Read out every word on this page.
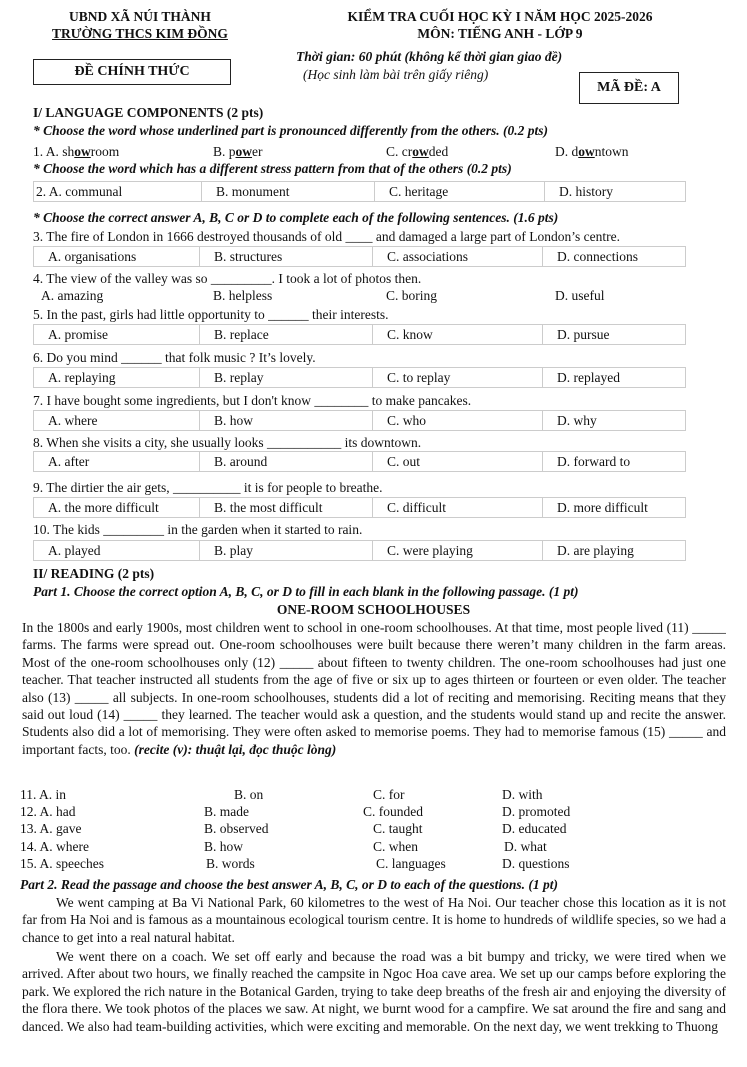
UBND XÃ NÚI THÀNH
TRƯỜNG THCS KIM ĐỒNG
KIỂM TRA CUỐI HỌC KỲ I NĂM HỌC 2025-2026
MÔN: TIẾNG ANH - LỚP 9
ĐỀ CHÍNH THỨC
Thời gian: 60 phút (không kể thời gian giao đề)
(Học sinh làm bài trên giấy riêng)
MÃ ĐỀ: A
I/ LANGUAGE COMPONENTS (2 pts)
* Choose the word whose underlined part is pronounced differently from the others. (0.2 pts)
1. A. showroom	B. power	C. crowded	D. downtown
* Choose the word which has a different stress pattern from that of the others (0.2 pts)
2. A. communal	B. monument	C. heritage	D. history
* Choose the correct answer A, B, C or D to complete each of the following sentences. (1.6 pts)
3. The fire of London in 1666 destroyed thousands of old ____ and damaged a large part of London’s centre.
A. organisations	B. structures	C. associations	D. connections
4. The view of the valley was so _________. I took a lot of photos then.
A. amazing	B. helpless	C. boring	D. useful
5. In the past, girls had little opportunity to ______ their interests.
A. promise	B. replace	C. know	D. pursue
6. Do you mind ______ that folk music ? It’s lovely.
A. replaying	B. replay	C. to replay	D. replayed
7. I have bought some ingredients, but I don't know ________ to make pancakes.
A. where	B. how	C. who	D. why
8. When she visits a city, she usually looks ___________ its downtown.
A. after	B. around	C. out	D. forward to
9. The dirtier the air gets, __________ it is for people to breathe.
A. the more difficult	B. the most difficult	C. difficult	D. more difficult
10. The kids _________ in the garden when it started to rain.
A. played	B. play	C. were playing	D. are playing
II/ READING (2 pts)
Part 1. Choose the correct option A, B, C, or D to fill in each blank in the following passage. (1 pt)
ONE-ROOM SCHOOLHOUSES
In the 1800s and early 1900s, most children went to school in one-room schoolhouses. At that time, most people lived (11) _____ farms. The farms were spread out. One-room schoolhouses were built because there weren’t many children in the farm areas. Most of the one-room schoolhouses only (12) _____ about fifteen to twenty children. The one-room schoolhouses had just one teacher. That teacher instructed all students from the age of five or six up to ages thirteen or fourteen or even older. The teacher also (13) _____ all subjects. In one-room schoolhouses, students did a lot of reciting and memorising. Reciting means that they said out loud (14) _____ they learned. The teacher would ask a question, and the students would stand up and recite the answer. Students also did a lot of memorising. They were often asked to memorise poems. They had to memorise famous (15) _____ and important facts, too. (recite (v): thuật lại, đọc thuộc lòng)
11. A. in	B. on	C. for	D. with
12. A. had	B. made	C. founded	D. promoted
13. A. gave	B. observed	C. taught	D. educated
14. A. where	B. how	C. when	D. what
15. A. speeches	B. words	C. languages	D. questions
Part 2. Read the passage and choose the best answer A, B, C, or D to each of the questions. (1 pt)
We went camping at Ba Vi National Park, 60 kilometres to the west of Ha Noi. Our teacher chose this location as it is not far from Ha Noi and is famous as a mountainous ecological tourism centre. It is home to hundreds of wildlife species, so we had a chance to get into a real natural habitat.
We went there on a coach. We set off early and because the road was a bit bumpy and tricky, we were tired when we arrived. After about two hours, we finally reached the campsite in Ngoc Hoa cave area. We set up our camps before exploring the park. We explored the rich nature in the Botanical Garden, trying to take deep breaths of the fresh air and enjoying the diversity of the flora there. We took photos of the places we saw. At night, we burnt wood for a campfire. We sat around the fire and sang and danced. We also had team-building activities, which were exciting and memorable. On the next day, we went trekking to Thuong
